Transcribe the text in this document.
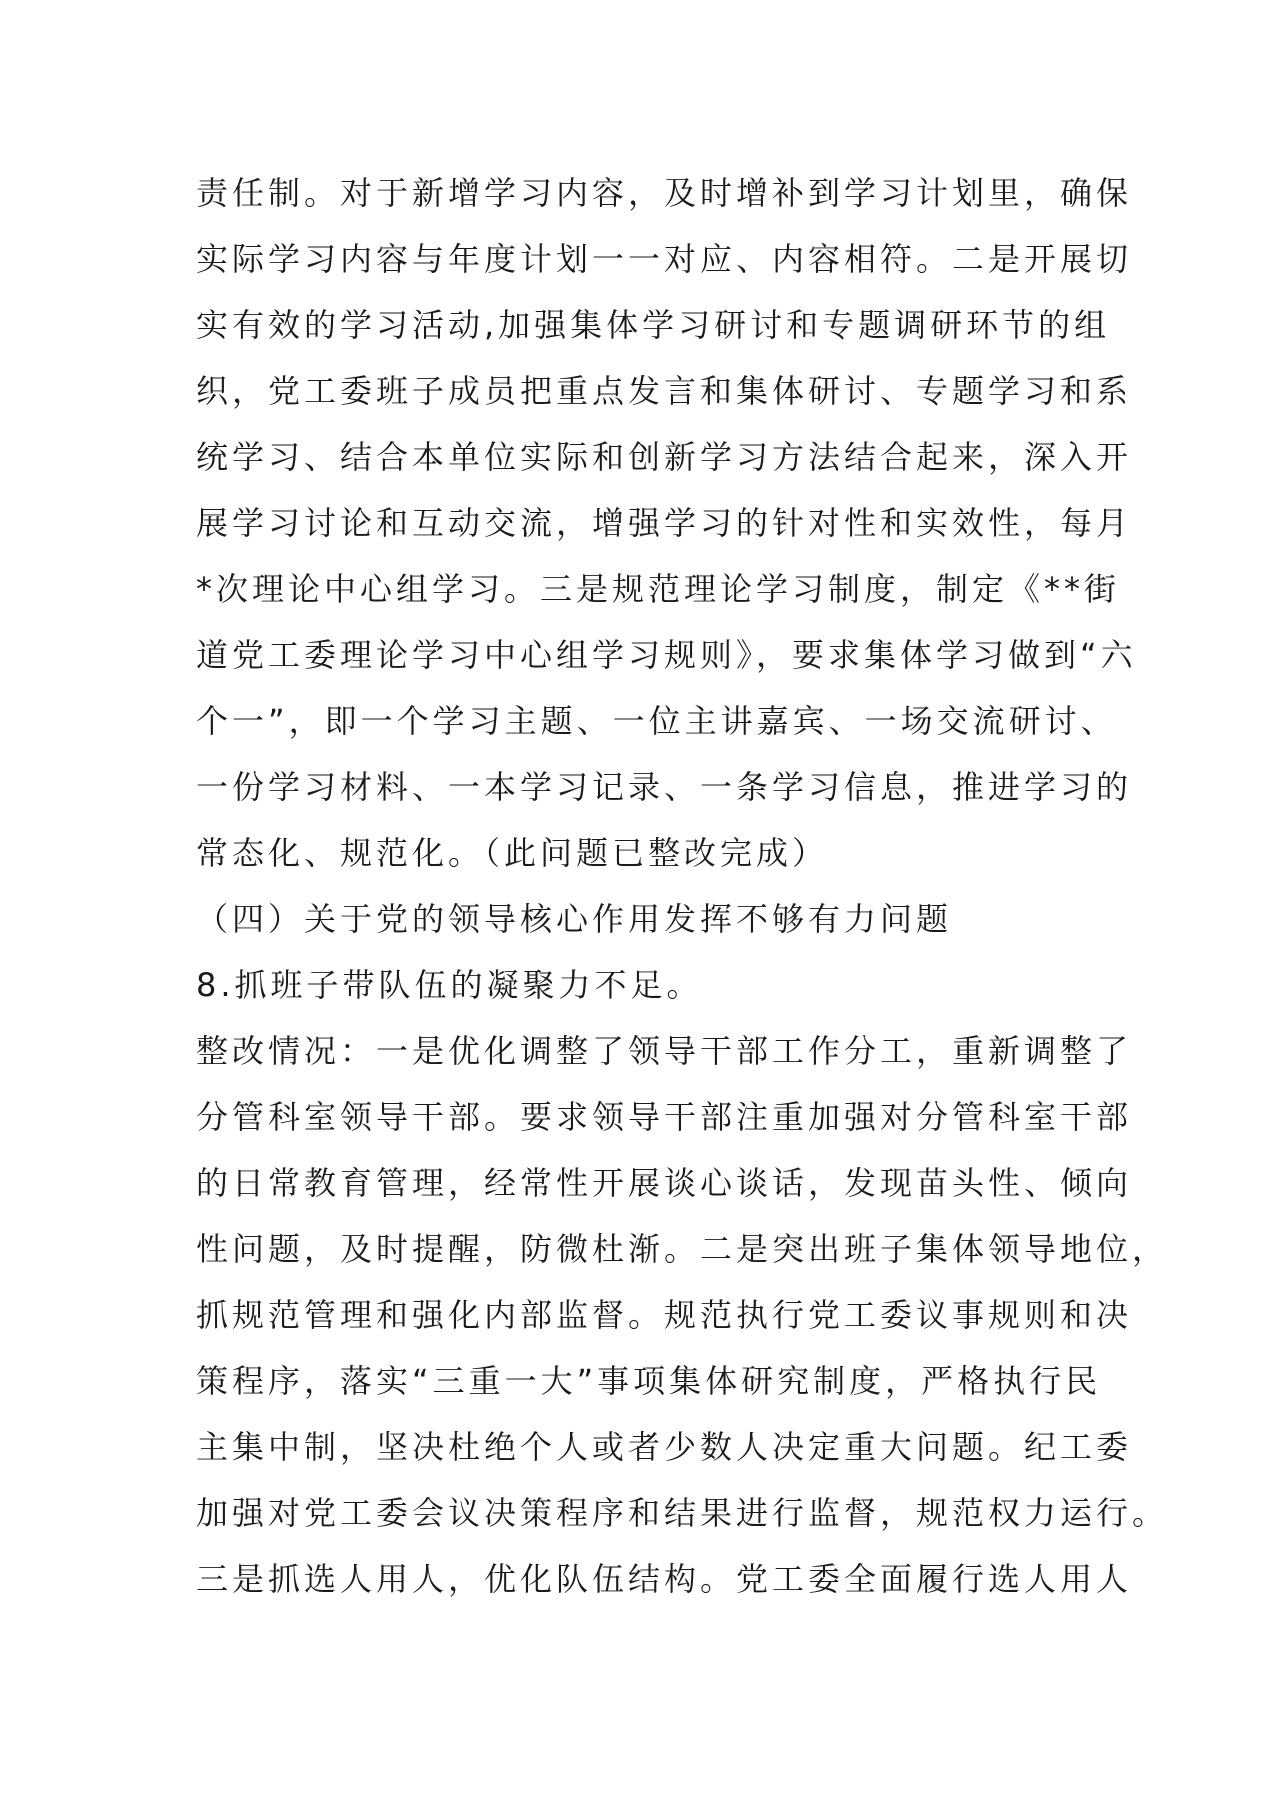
责任制。对于新增学习内容，及时增补到学习计划里，确保
实际学习内容与年度计划一一对应、内容相符。二是开展切
实有效的学习活动,加强集体学习研讨和专题调研环节的组
织，党工委班子成员把重点发言和集体研讨、专题学习和系
统学习、结合本单位实际和创新学习方法结合起来，深入开
展学习讨论和互动交流，增强学习的针对性和实效性，每月
*次理论中心组学习。三是规范理论学习制度，制定《**街
道党工委理论学习中心组学习规则》，要求集体学习做到“六
个一”，即一个学习主题、一位主讲嘉宾、一场交流研讨、
一份学习材料、一本学习记录、一条学习信息，推进学习的
常态化、规范化。（此问题已整改完成）
（四）关于党的领导核心作用发挥不够有力问题
8.抓班子带队伍的凝聚力不足。
整改情况：一是优化调整了领导干部工作分工，重新调整了
分管科室领导干部。要求领导干部注重加强对分管科室干部
的日常教育管理，经常性开展谈心谈话，发现苗头性、倾向
性问题，及时提醒，防微杜渐。二是突出班子集体领导地位，
抓规范管理和强化内部监督。规范执行党工委议事规则和决
策程序，落实“三重一大”事项集体研究制度，严格执行民
主集中制，坚决杜绝个人或者少数人决定重大问题。纪工委
加强对党工委会议决策程序和结果进行监督，规范权力运行。
三是抓选人用人，优化队伍结构。党工委全面履行选人用人
